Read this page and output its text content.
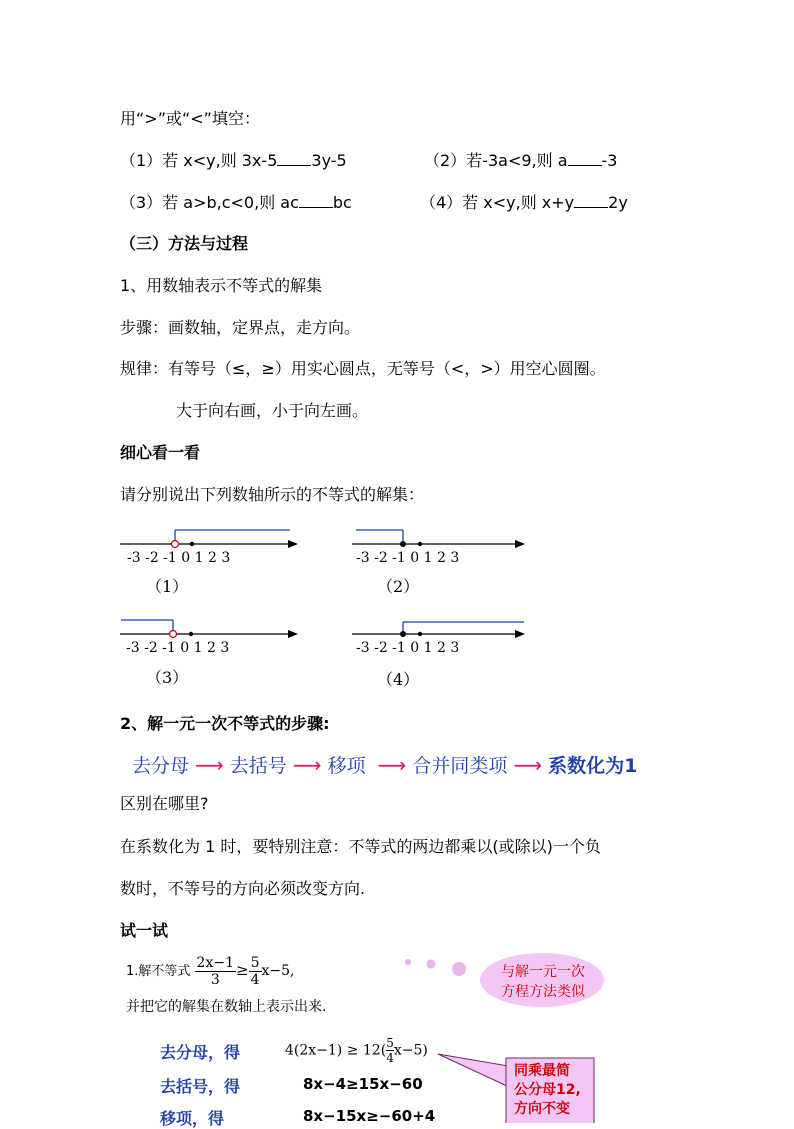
用“>”或“<”填空：
（1）若 x<y,则 3x-5 3y-5	（2）若-3a<9,则 a -3
（3）若 a>b,c<0,则 ac bc	（4）若 x<y,则 x+y 2y
（三）方法与过程
1、用数轴表示不等式的解集
步骤：画数轴，定界点，走方向。
规律：有等号（≤，≥）用实心圆点，无等号（<，>）用空心圆圈。
大于向右画，小于向左画。
细心看一看
请分别说出下列数轴所示的不等式的解集：
-3 -2 -1 0 1 2 3
（1）
-3 -2 -1 0 1 2 3
（2）
-3 -2 -1 0 1 2 3
（3）
-3 -2 -1 0 1 2 3
（4）
2、解一元一次不等式的步骤:
去分母 ⟶ 去括号 ⟶ 移项 ⟶ 合并同类项 ⟶ 系数化为1
区别在哪里?
在系数化为 1 时，要特别注意：不等式的两边都乘以(或除以)一个负
数时，不等号的方向必须改变方向.
试一试
1.解不等式 $\frac{2x-1}{3} \ge \frac{5}{4} x-5$,
并把它的解集在数轴上表示出来.
与解一元一次
方程方法类似
去分母，得	$4(2x-1) \ge 12( \frac{5}{4} x-5)$
去括号，得	8x−4≥15x−60
移项，得	8x−15x≥−60+4
同乘最简
公分母12,
方向不变
